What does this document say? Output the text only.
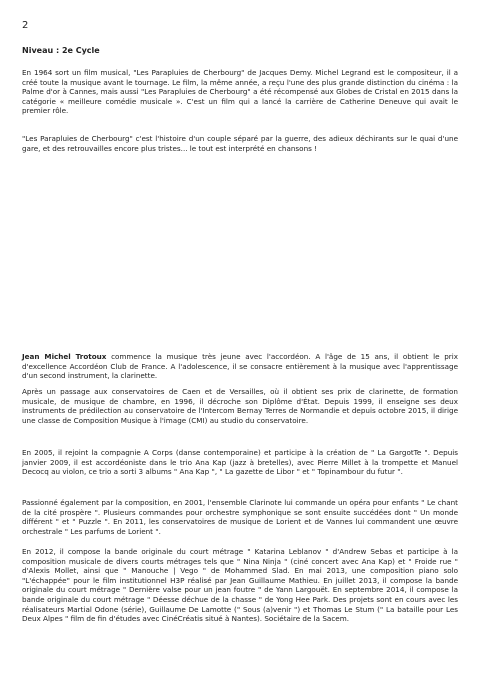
2
Niveau : 2e Cycle

En 1964 sort un film musical, "Les Parapluies de Cherbourg" de Jacques Demy. Michel Legrand est le compositeur, il a créé toute la musique avant le tournage. Le film, la même année, a reçu l'une des plus grande distinction du cinéma : la Palme d'or à Cannes, mais aussi "Les Parapluies de Cherbourg" a été récompensé aux Globes de Cristal en 2015 dans la catégorie « meilleure comédie musicale ». C'est un film qui a lancé la carrière de Catherine Deneuve qui avait le premier rôle.

"Les Parapluies de Cherbourg" c'est l'histoire d'un couple séparé par la guerre, des adieux déchirants sur le quai d'une gare, et des retrouvailles encore plus tristes... le tout est interprété en chansons !

Jean Michel Trotoux commence la musique très jeune avec l'accordéon. A l'âge de 15 ans, il obtient le prix d'excellence Accordéon Club de France. A l'adolescence, il se consacre entièrement à la musique avec l'apprentissage d'un second instrument, la clarinette.

Après un passage aux conservatoires de Caen et de Versailles, où il obtient ses prix de clarinette, de formation musicale, de musique de chambre, en 1996, il décroche son Diplôme d'État. Depuis 1999, il enseigne ses deux instruments de prédilection au conservatoire de l'Intercom Bernay Terres de Normandie et depuis octobre 2015, il dirige une classe de Composition Musique à l'image (CMI) au studio du conservatoire.

En 2005, il rejoint la compagnie A Corps (danse contemporaine) et participe à la création de " La GargotTe ". Depuis janvier 2009, il est accordéoniste dans le trio Ana Kap (jazz à bretelles), avec Pierre Millet à la trompette et Manuel Decocq au violon, ce trio a sorti 3 albums " Ana Kap ", " La gazette de Libor " et " Topinambour du futur ".

Passionné également par la composition, en 2001, l'ensemble Clarinote lui commande un opéra pour enfants " Le chant de la cité prospère ". Plusieurs commandes pour orchestre symphonique se sont ensuite succédées dont " Un monde différent " et " Puzzle ". En 2011, les conservatoires de musique de Lorient et de Vannes lui commandent une œuvre orchestrale " Les parfums de Lorient ".

En 2012, il compose la bande originale du court métrage " Katarina Leblanov " d'Andrew Sebas et participe à la composition musicale de divers courts métrages tels que " Nina Ninja " (ciné concert avec Ana Kap) et " Froide rue " d'Alexis Mollet, ainsi que " Manouche | Vego " de Mohammed Slad. En mai 2013, une composition piano solo "L'échappée" pour le film institutionnel H3P réalisé par Jean Guillaume Mathieu. En juillet 2013, il compose la bande originale du court métrage " Dernière valse pour un jean foutre " de Yann Largouët. En septembre 2014, il compose la bande originale du court métrage " Déesse déchue de la chasse " de Yong Hee Park. Des projets sont en cours avec les réalisateurs Martial Odone (série), Guillaume De Lamotte (" Sous (a)venir ") et Thomas Le Stum (" La bataille pour Les Deux Alpes " film de fin d'études avec CinéCréatis situé à Nantes). Sociétaire de la Sacem.
